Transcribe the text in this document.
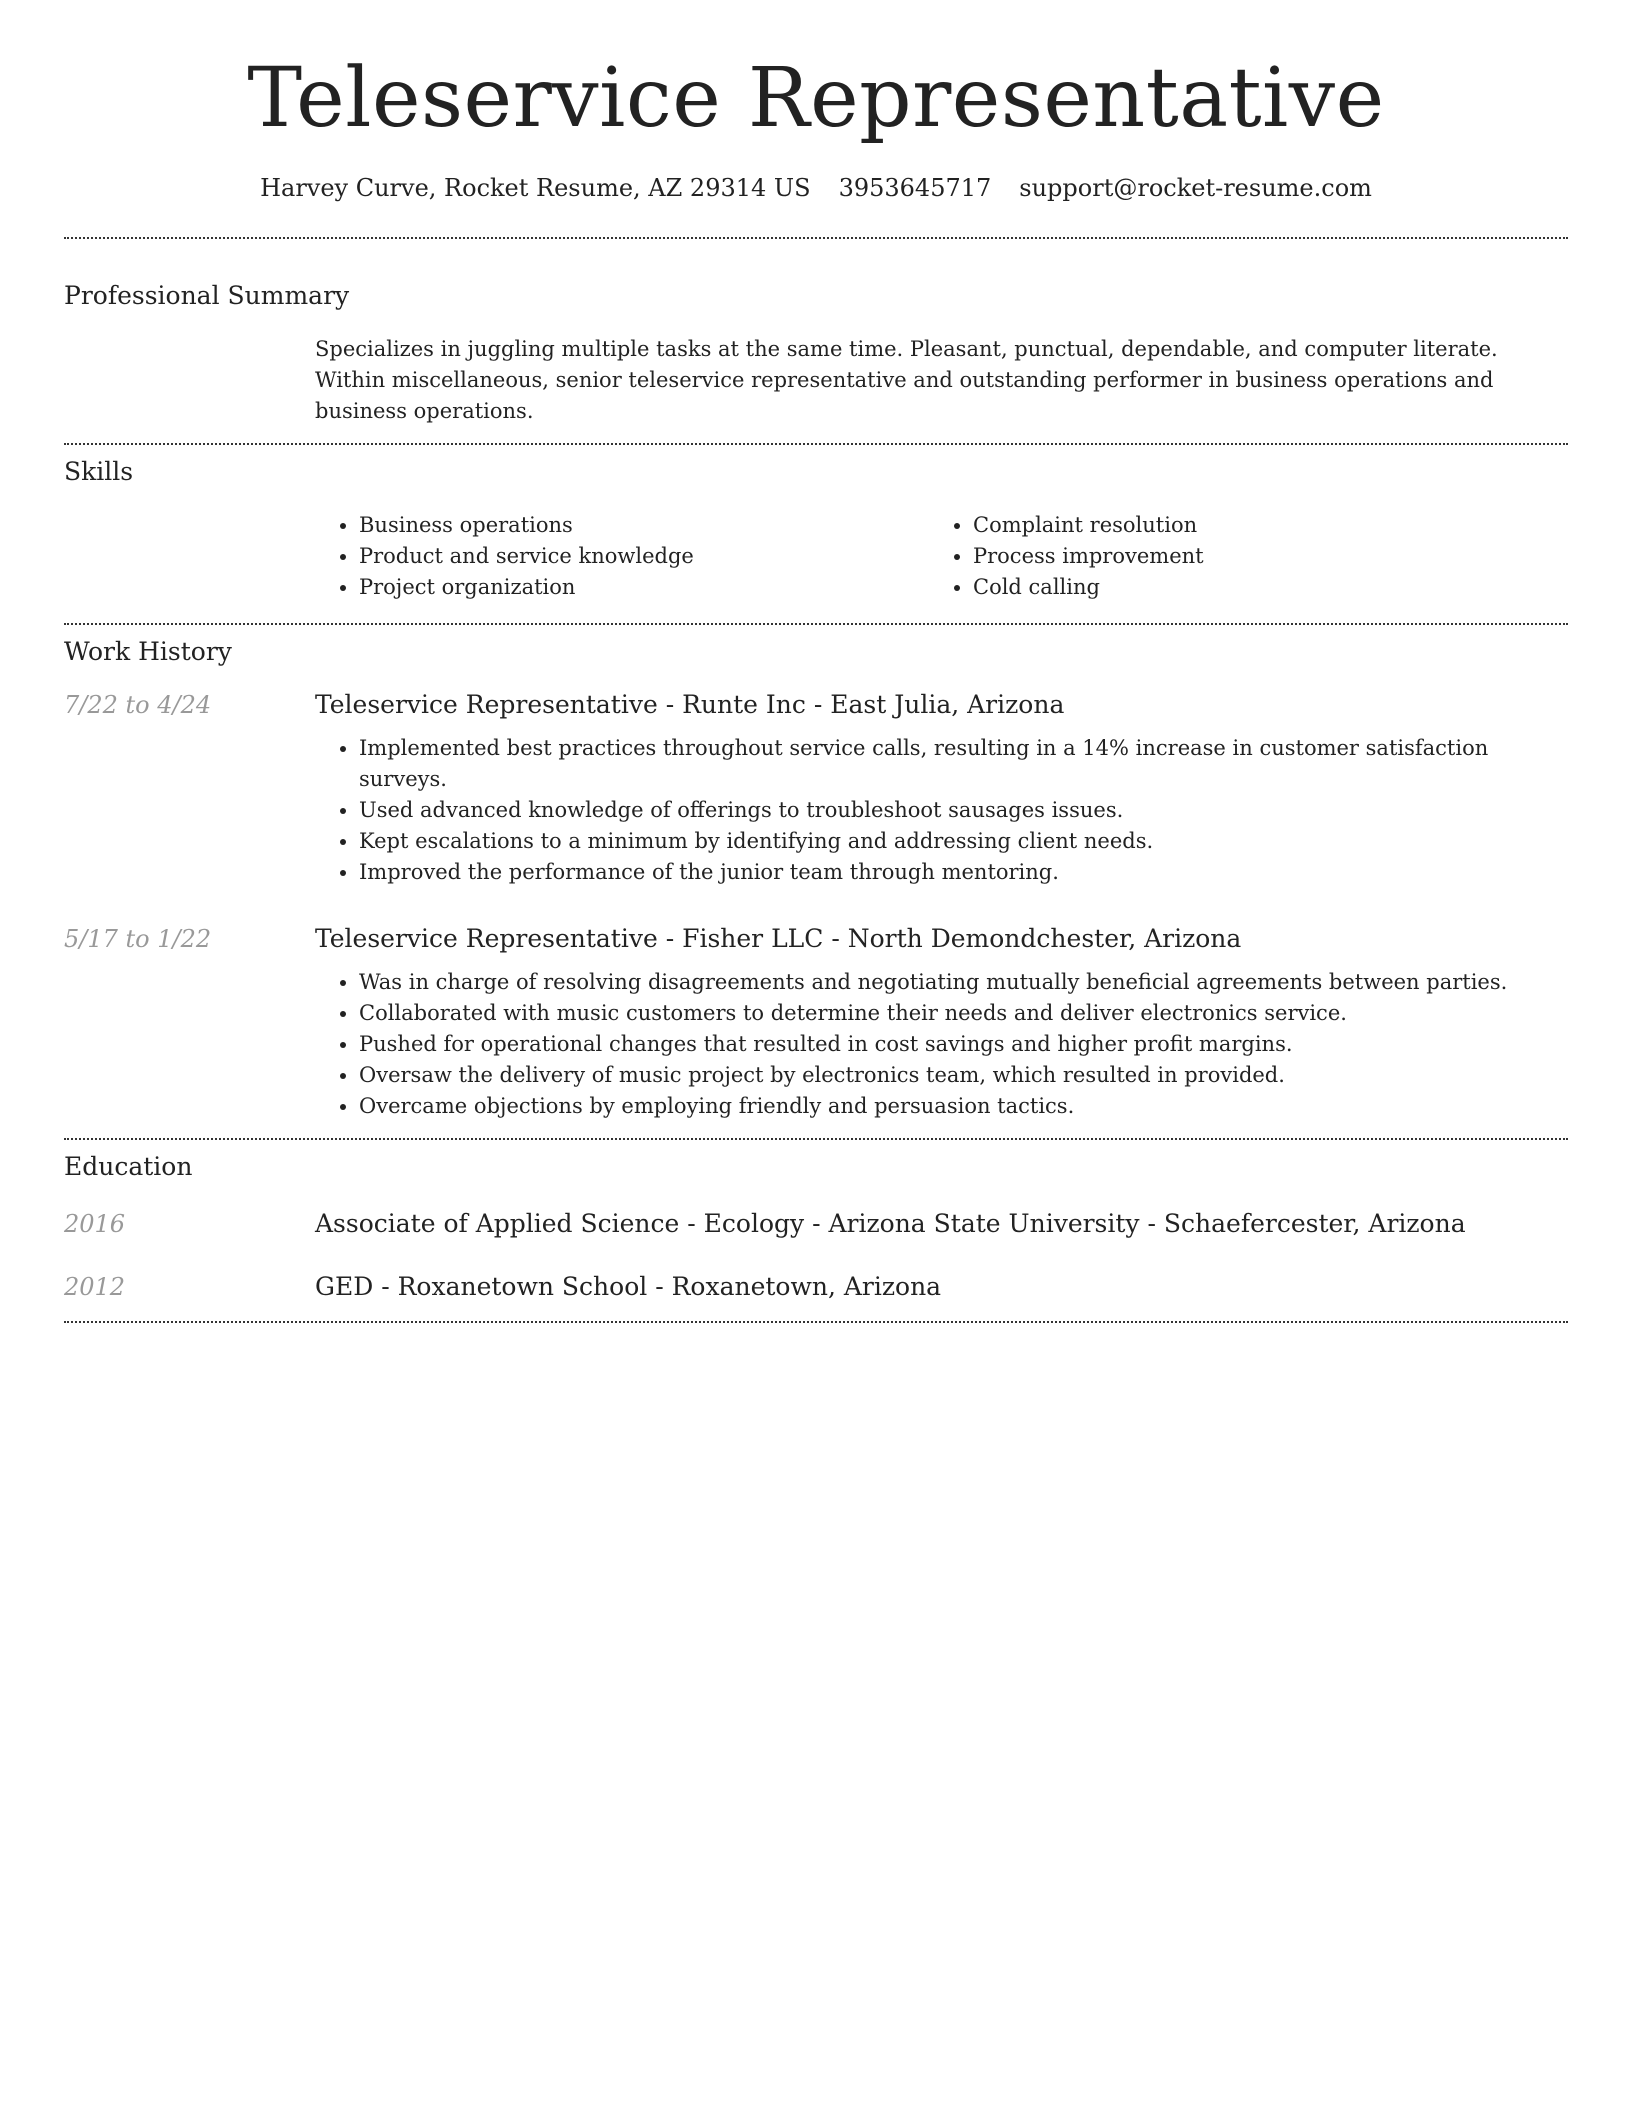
Teleservice Representative
Harvey Curve, Rocket Resume, AZ 29314 US 3953645717 support@rocket-resume.com
Professional Summary

Specializes in juggling multiple tasks at the same time. Pleasant, punctual, dependable, and computer literate. Within miscellaneous, senior teleservice representative and outstanding performer in business operations and business operations.

Skills
• Business operations
• Product and service knowledge
• Project organization
• Complaint resolution
• Process improvement
• Cold calling
Work History
7/22 to 4/24	Teleservice Representative - Runte Inc - East Julia, Arizona
• Implemented best practices throughout service calls, resulting in a 14% increase in customer satisfaction surveys.
• Used advanced knowledge of offerings to troubleshoot sausages issues.
• Kept escalations to a minimum by identifying and addressing client needs.
• Improved the performance of the junior team through mentoring.
5/17 to 1/22	Teleservice Representative - Fisher LLC - North Demondchester, Arizona
• Was in charge of resolving disagreements and negotiating mutually beneficial agreements between parties.
• Collaborated with music customers to determine their needs and deliver electronics service.
• Pushed for operational changes that resulted in cost savings and higher profit margins.
• Oversaw the delivery of music project by electronics team, which resulted in provided.
• Overcame objections by employing friendly and persuasion tactics.
Education
2016	Associate of Applied Science - Ecology - Arizona State University - Schaefercester, Arizona
2012	GED - Roxanetown School - Roxanetown, Arizona
